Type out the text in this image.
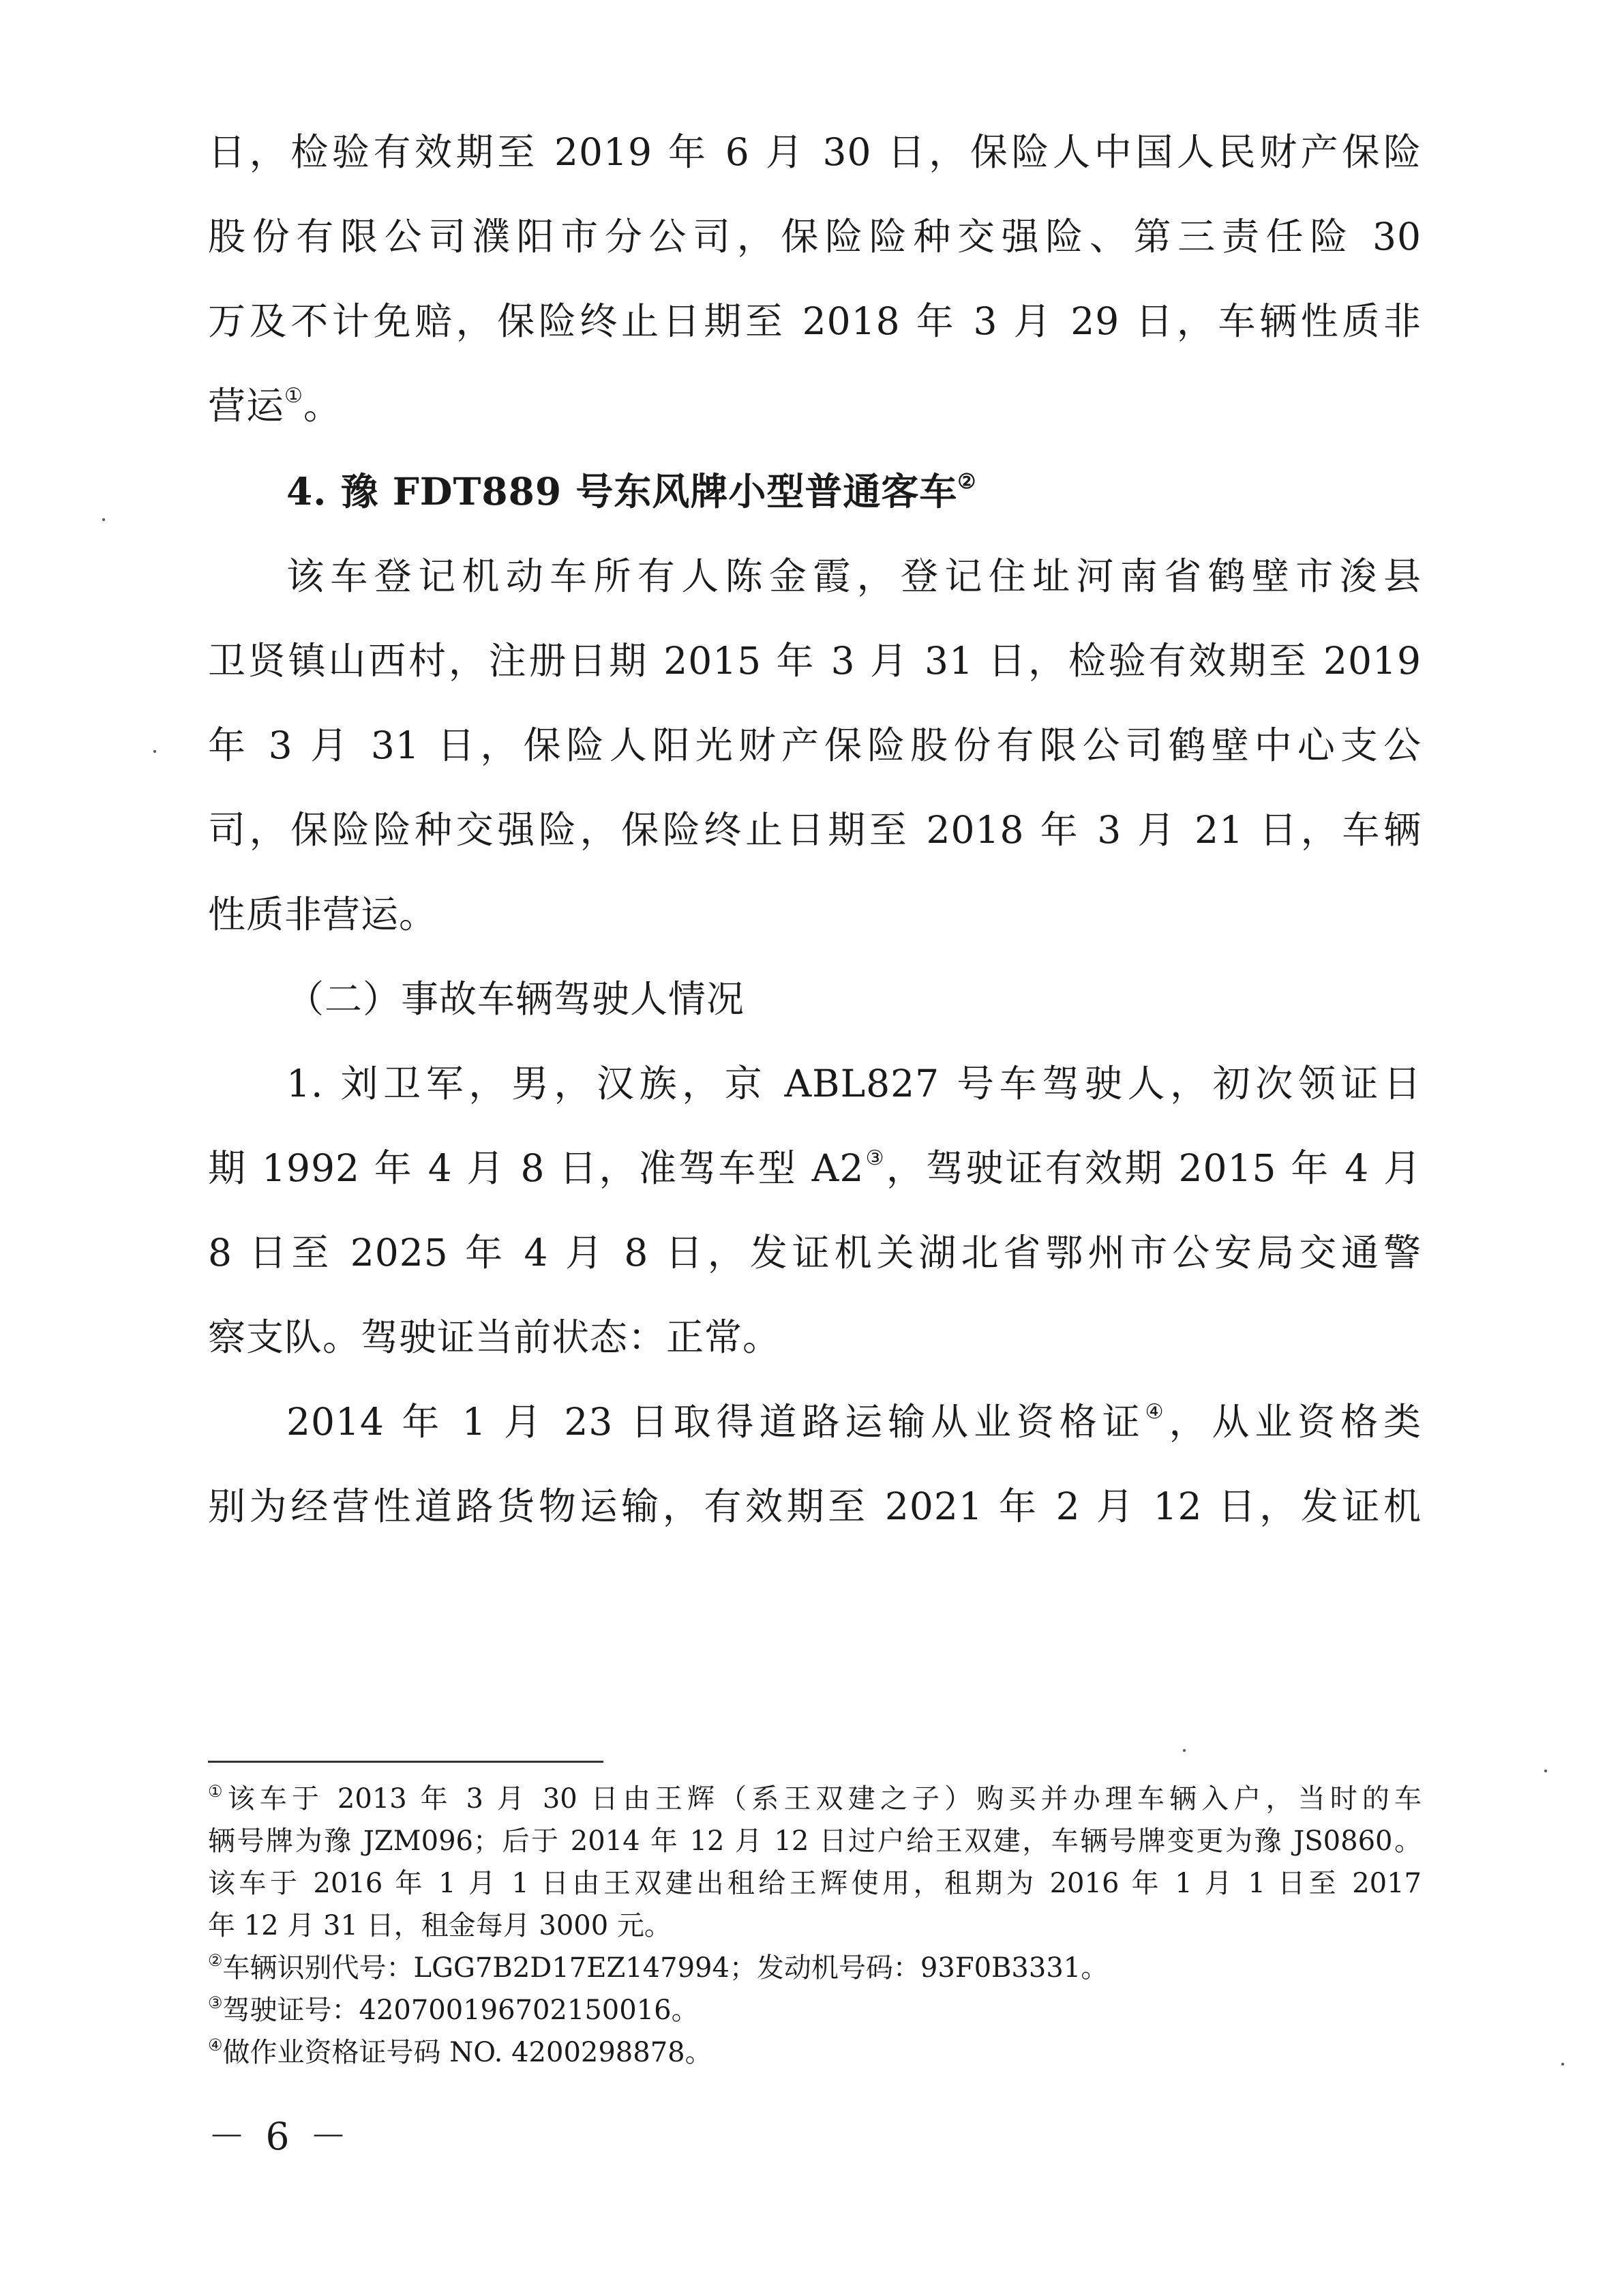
日，检验有效期至 2019 年 6 月 30 日，保险人中国人民财产保险
股份有限公司濮阳市分公司，保险险种交强险、第三责任险 30
万及不计免赔，保险终止日期至 2018 年 3 月 29 日，车辆性质非
营运①。
4. 豫 FDT889 号东风牌小型普通客车②
该车登记机动车所有人陈金霞，登记住址河南省鹤壁市浚县
卫贤镇山西村，注册日期 2015 年 3 月 31 日，检验有效期至 2019
年 3 月 31 日，保险人阳光财产保险股份有限公司鹤壁中心支公
司，保险险种交强险，保险终止日期至 2018 年 3 月 21 日，车辆
性质非营运。
（二）事故车辆驾驶人情况
1. 刘卫军，男，汉族，京 ABL827 号车驾驶人，初次领证日
期 1992 年 4 月 8 日，准驾车型 A2③，驾驶证有效期 2015 年 4 月
8 日至 2025 年 4 月 8 日，发证机关湖北省鄂州市公安局交通警
察支队。驾驶证当前状态：正常。
2014 年 1 月 23 日取得道路运输从业资格证④，从业资格类
别为经营性道路货物运输，有效期至 2021 年 2 月 12 日，发证机
①该车于 2013 年 3 月 30 日由王辉（系王双建之子）购买并办理车辆入户，当时的车
辆号牌为豫 JZM096；后于 2014 年 12 月 12 日过户给王双建，车辆号牌变更为豫 JS0860。
该车于 2016 年 1 月 1 日由王双建出租给王辉使用，租期为 2016 年 1 月 1 日至 2017
年 12 月 31 日，租金每月 3000 元。
②车辆识别代号：LGG7B2D17EZ147994；发动机号码：93F0B3331。
③驾驶证号：420700196702150016。
④做作业资格证号码 NO. 4200298878。
－ 6 －
